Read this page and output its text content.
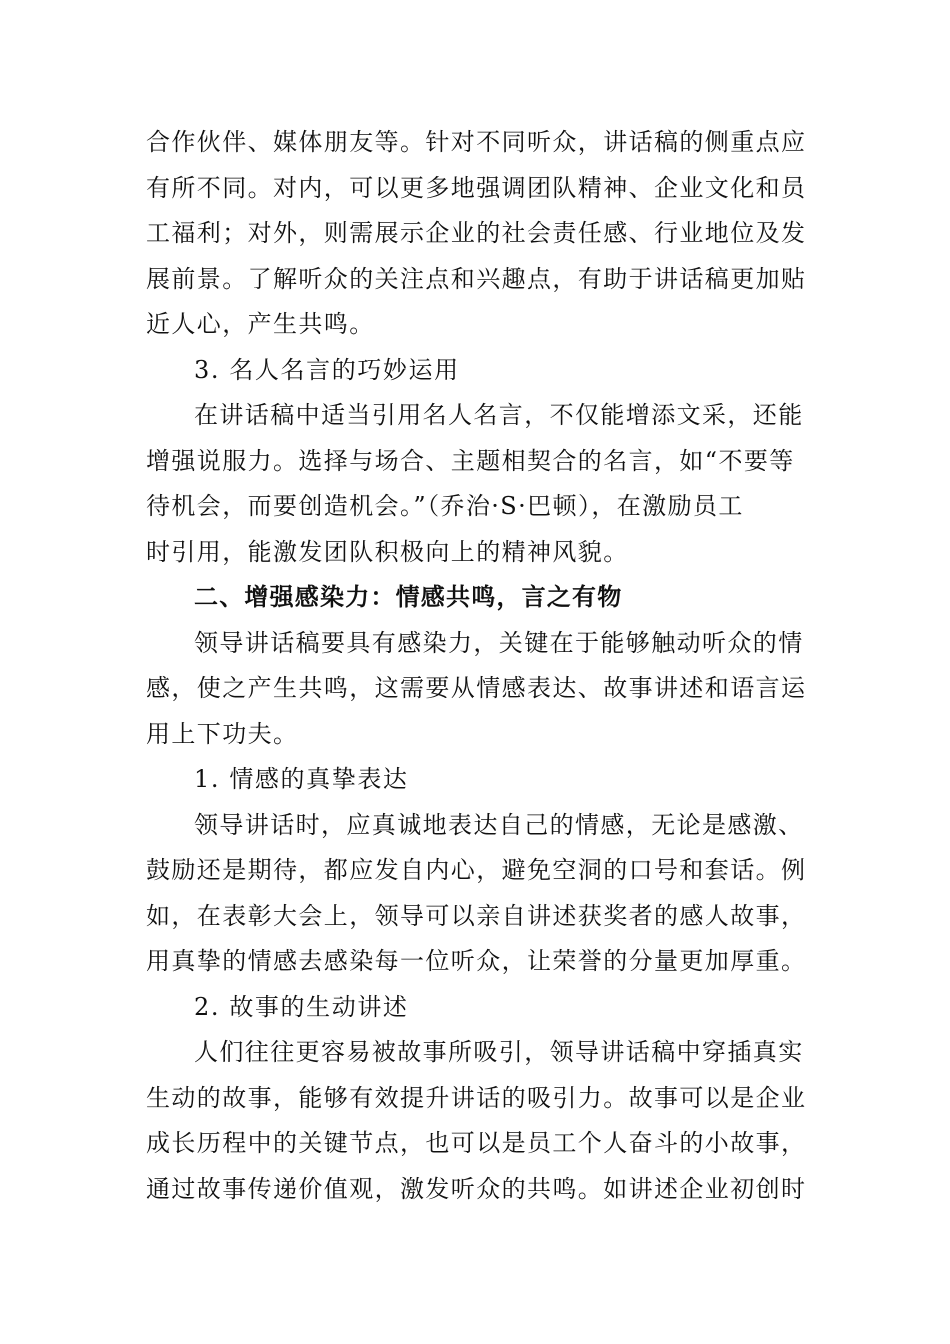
合作伙伴、媒体朋友等。针对不同听众，讲话稿的侧重点应
有所不同。对内，可以更多地强调团队精神、企业文化和员
工福利；对外，则需展示企业的社会责任感、行业地位及发
展前景。了解听众的关注点和兴趣点，有助于讲话稿更加贴
近人心，产生共鸣。
3. 名人名言的巧妙运用
在讲话稿中适当引用名人名言，不仅能增添文采，还能
增强说服力。选择与场合、主题相契合的名言，如“不要等
待机会，而要创造机会。”（乔治·S·巴顿），在激励员工
时引用，能激发团队积极向上的精神风貌。
二、增强感染力：情感共鸣，言之有物
领导讲话稿要具有感染力，关键在于能够触动听众的情
感，使之产生共鸣，这需要从情感表达、故事讲述和语言运
用上下功夫。
1. 情感的真挚表达
领导讲话时，应真诚地表达自己的情感，无论是感激、
鼓励还是期待，都应发自内心，避免空洞的口号和套话。例
如，在表彰大会上，领导可以亲自讲述获奖者的感人故事，
用真挚的情感去感染每一位听众，让荣誉的分量更加厚重。
2. 故事的生动讲述
人们往往更容易被故事所吸引，领导讲话稿中穿插真实
生动的故事，能够有效提升讲话的吸引力。故事可以是企业
成长历程中的关键节点，也可以是员工个人奋斗的小故事，
通过故事传递价值观，激发听众的共鸣。如讲述企业初创时
